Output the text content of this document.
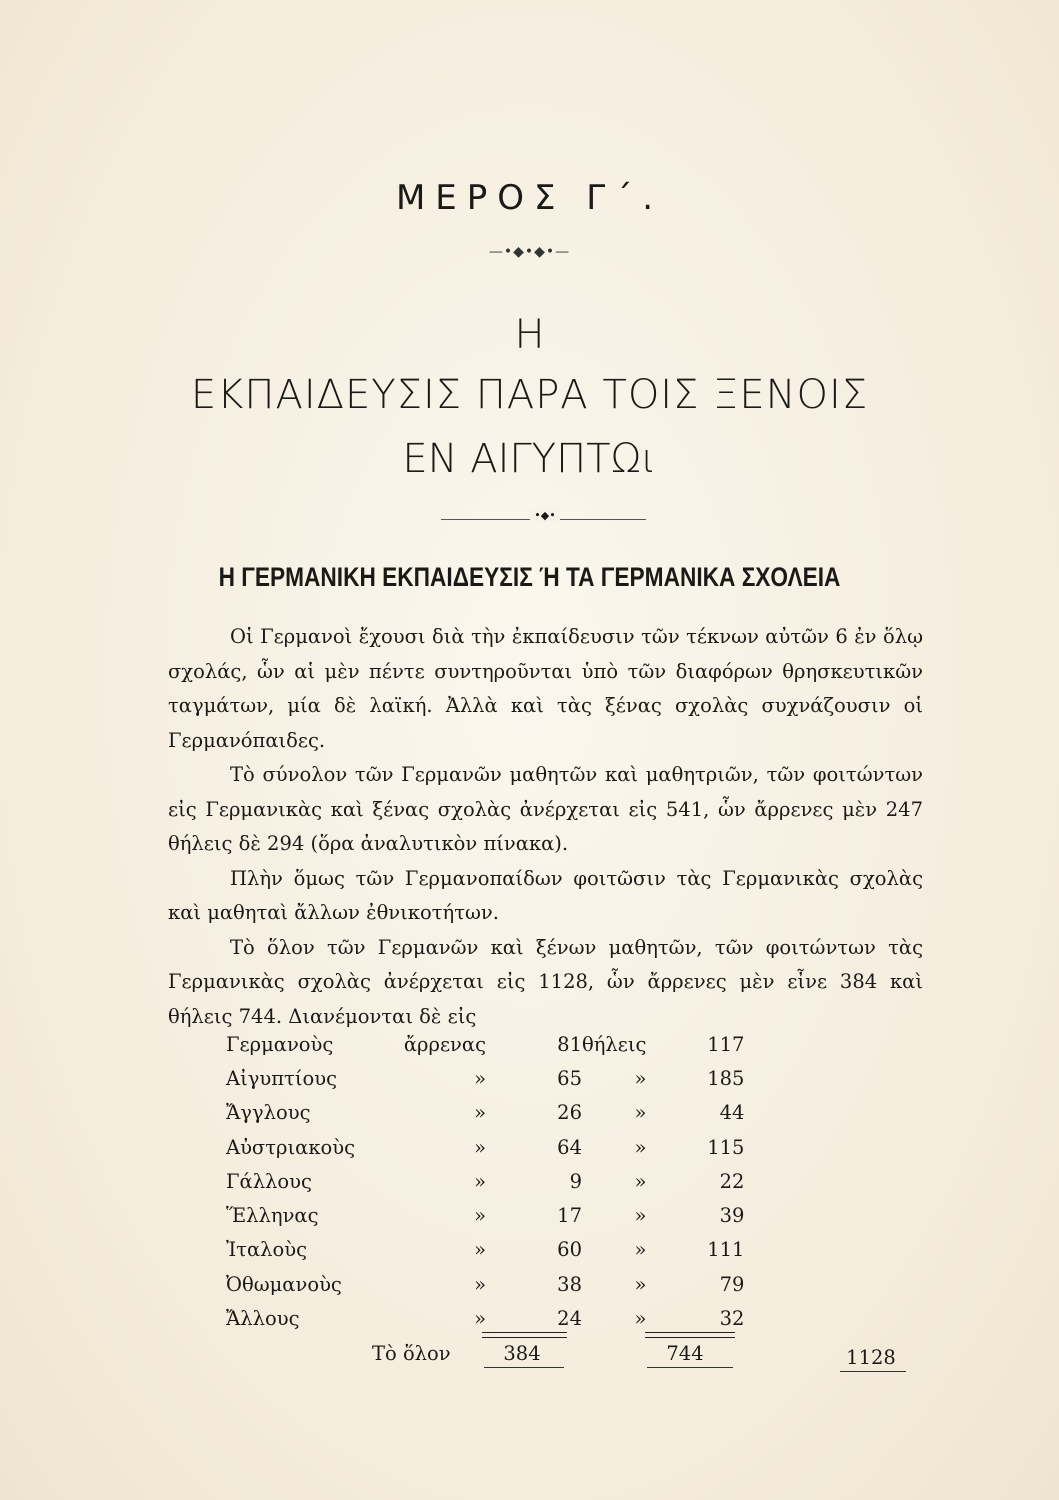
ΜΕΡΟΣ Γ΄.
—•◆•◆•—
Η
ΕΚΠΑΙΔΕΥΣΙΣ ΠΑΡΑ ΤΟΙΣ ΞΕΝΟΙΣ
ΕΝ ΑΙΓΥΠΤΩι
•◆•
Η ΓΕΡΜΑΝΙΚΗ ΕΚΠΑΙΔΕΥΣΙΣ Ή ΤΑ ΓΕΡΜΑΝΙΚΑ ΣΧΟΛΕΙΑ

Οἱ Γερμανοὶ ἔχουσι διὰ τὴν ἐκπαίδευσιν τῶν τέκνων αὐτῶν 6 ἐν ὅλῳ σχολάς, ὧν αἱ μὲν πέντε συντηροῦνται ὑπὸ τῶν διαφόρων θρησκευτικῶν ταγμάτων, μία δὲ λαϊκή. Ἀλλὰ καὶ τὰς ξένας σχολὰς συχνάζουσιν οἱ Γερμανόπαιδες.

Τὸ σύνολον τῶν Γερμανῶν μαθητῶν καὶ μαθητριῶν, τῶν φοιτώντων εἰς Γερμανικὰς καὶ ξένας σχολὰς ἀνέρχεται εἰς 541, ὧν ἄρρενες μὲν 247 θήλεις δὲ 294 (ὅρα ἀναλυτικὸν πίνακα).

Πλὴν ὅμως τῶν Γερμανοπαίδων φοιτῶσιν τὰς Γερμανικὰς σχολὰς καὶ μαθηταὶ ἄλλων ἐθνικοτήτων.

Τὸ ὅλον τῶν Γερμανῶν καὶ ξένων μαθητῶν, τῶν φοιτώντων τὰς Γερμανικὰς σχολὰς ἀνέρχεται εἰς 1128, ὧν ἄρρενες μὲν εἶνε 384 καὶ θήλεις 744. Διανέμονται δὲ εἰς

Γερμανοὺς	ἄρρενας	81	θήλεις	117
Αἰγυπτίους	»	65	»	185
Ἄγγλους	»	26	»	44
Αὐστριακοὺς	»	64	»	115
Γάλλους	»	9	»	22
Ἕλληνας	»	17	»	39
Ἰταλοὺς	»	60	»	111
Ὀθωμανοὺς	»	38	»	79
Ἄλλους	»	24	»	32
Τὸ ὅλον	384	744	1128
